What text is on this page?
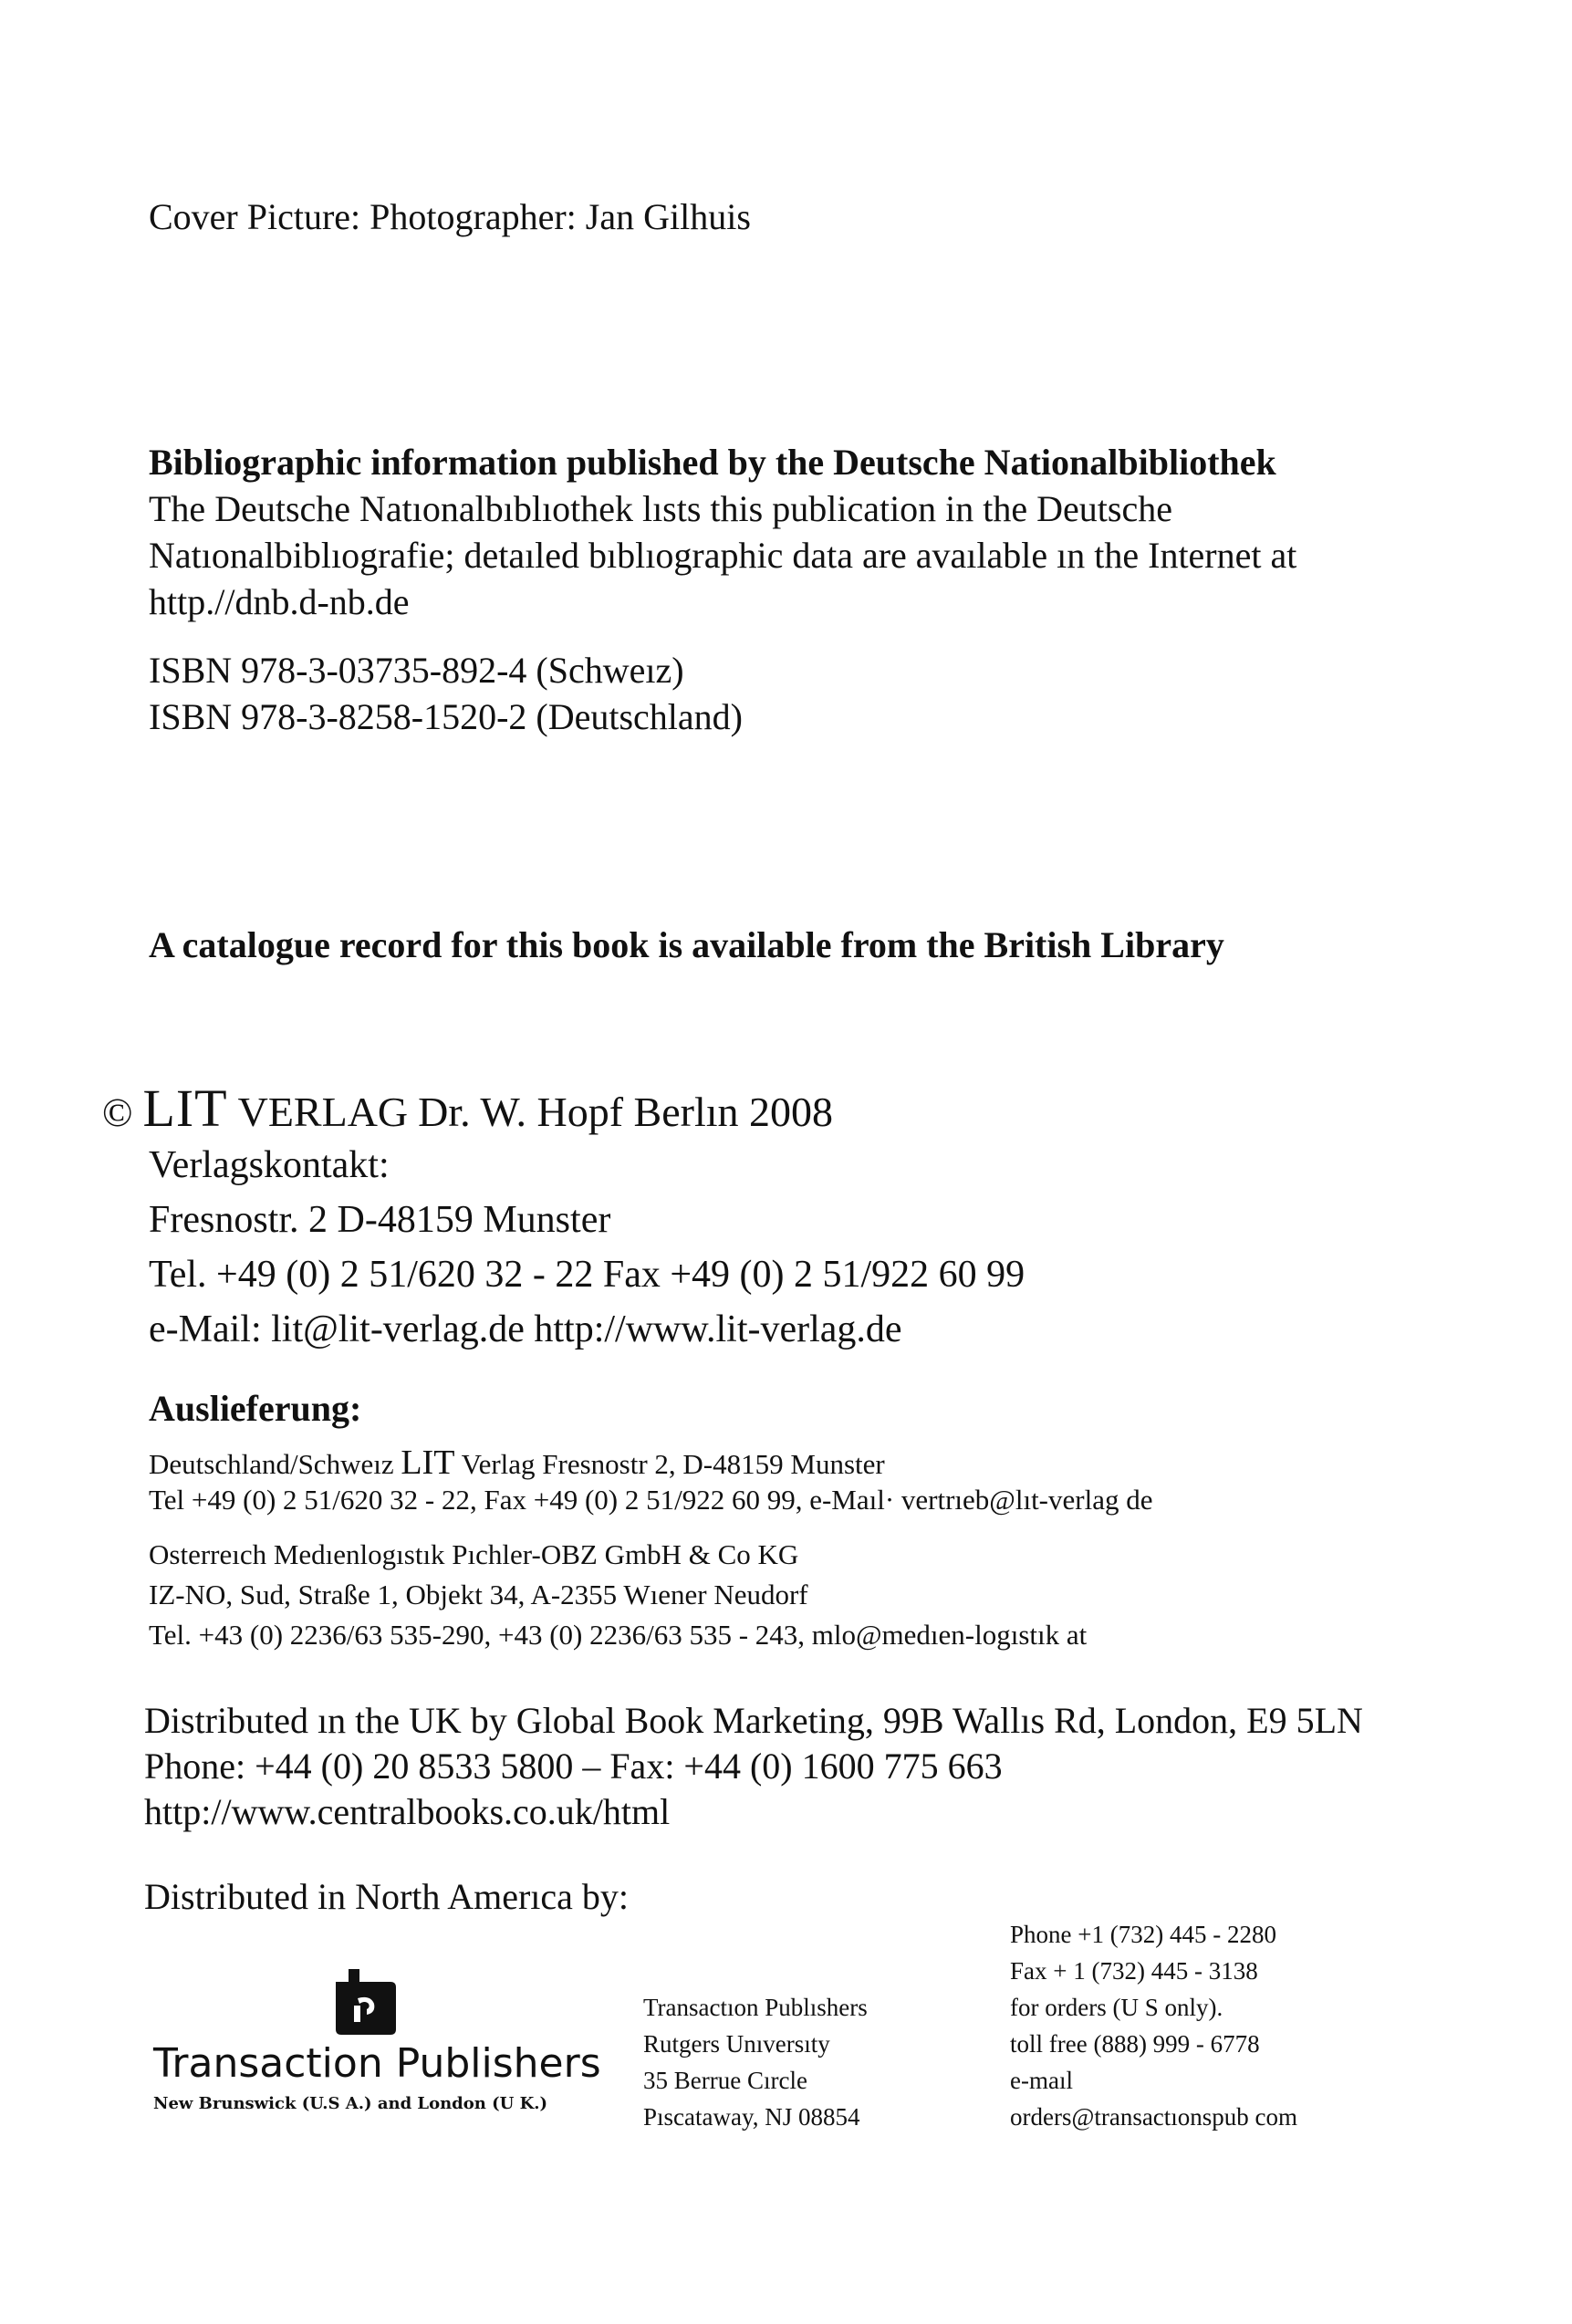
Cover Picture: Photographer: Jan Gilhuis
Bibliographic information published by the Deutsche Nationalbibliothek
The Deutsche Natıonalbıblıothek lısts this publication in the Deutsche
Natıonalbiblıografie; detaıled bıblıographic data are avaılable ın the Internet at
http.//dnb.d-nb.de
ISBN 978-3-03735-892-4 (Schweız)
ISBN 978-3-8258-1520-2 (Deutschland)
A catalogue record for this book is available from the British Library
© LIT VERLAG Dr. W. Hopf Berlın 2008
Verlagskontakt:
Fresnostr. 2 D-48159 Munster
Tel. +49 (0) 2 51/620 32 - 22 Fax +49 (0) 2 51/922 60 99
e-Mail: lit@lit-verlag.de http://www.lit-verlag.de
Auslieferung:
Deutschland/Schweız LIT Verlag Fresnostr 2, D-48159 Munster
Tel +49 (0) 2 51/620 32 - 22, Fax +49 (0) 2 51/922 60 99, e-Maıl· vertrıeb@lıt-verlag de
Osterreıch Medıenlogıstık Pıchler-OBZ GmbH & Co KG
IZ-NO, Sud, Straße 1, Objekt 34, A-2355 Wıener Neudorf
Tel. +43 (0) 2236/63 535-290, +43 (0) 2236/63 535 - 243, mlo@medıen-logıstık at
Distributed ın the UK by Global Book Marketing, 99B Wallıs Rd, London, E9 5LN
Phone: +44 (0) 20 8533 5800 – Fax: +44 (0) 1600 775 663
http://www.centralbooks.co.uk/html
Distributed in North Amerıca by:
Transaction Publishers
New Brunswick (U.S A.) and London (U K.)
Transactıon Publıshers
Rutgers Unıversıty
35 Berrue Cırcle
Pıscataway, NJ 08854
Phone +1 (732) 445 - 2280
Fax + 1 (732) 445 - 3138
for orders (U S only).
toll free (888) 999 - 6778
e-maıl
orders@transactıonspub com
